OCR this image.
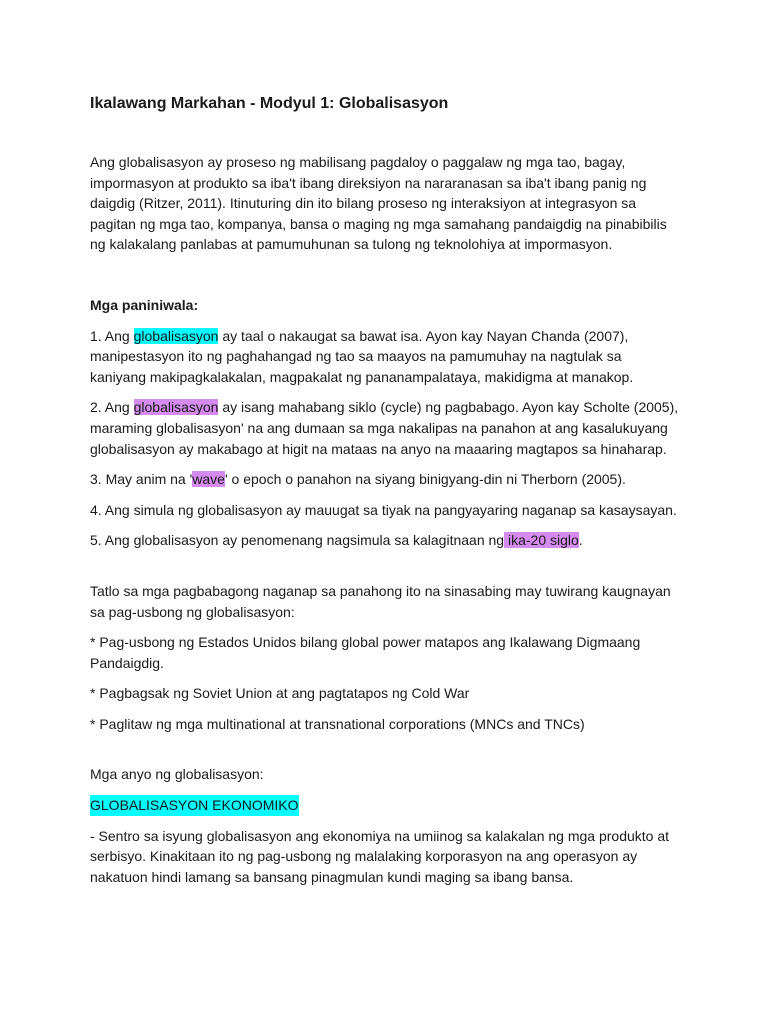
Ikalawang Markahan - Modyul 1: Globalisasyon

Ang globalisasyon ay proseso ng mabilisang pagdaloy o paggalaw ng mga tao, bagay, impormasyon at produkto sa iba't ibang direksiyon na nararanasan sa iba't ibang panig ng daigdig (Ritzer, 2011). Itinuturing din ito bilang proseso ng interaksiyon at integrasyon sa pagitan ng mga tao, kompanya, bansa o maging ng mga samahang pandaigdig na pinabibilis ng kalakalang panlabas at pamumuhunan sa tulong ng teknolohiya at impormasyon.

Mga paniniwala:

1. Ang globalisasyon ay taal o nakaugat sa bawat isa. Ayon kay Nayan Chanda (2007), manipestasyon ito ng paghahangad ng tao sa maayos na pamumuhay na nagtulak sa kaniyang makipagkalakalan, magpakalat ng pananampalataya, makidigma at manakop.

2. Ang globalisasyon ay isang mahabang siklo (cycle) ng pagbabago. Ayon kay Scholte (2005), maraming globalisasyon' na ang dumaan sa mga nakalipas na panahon at ang kasalukuyang globalisasyon ay makabago at higit na mataas na anyo na maaaring magtapos sa hinaharap.

3. May anim na 'wave' o epoch o panahon na siyang binigyang-din ni Therborn (2005).

4. Ang simula ng globalisasyon ay mauugat sa tiyak na pangyayaring naganap sa kasaysayan.

5. Ang globalisasyon ay penomenang nagsimula sa kalagitnaan ng ika-20 siglo.

Tatlo sa mga pagbabagong naganap sa panahong ito na sinasabing may tuwirang kaugnayan sa pag-usbong ng globalisasyon:

* Pag-usbong ng Estados Unidos bilang global power matapos ang Ikalawang Digmaang Pandaigdig.

* Pagbagsak ng Soviet Union at ang pagtatapos ng Cold War

* Paglitaw ng mga multinational at transnational corporations (MNCs and TNCs)

Mga anyo ng globalisasyon:

GLOBALISASYON EKONOMIKO

- Sentro sa isyung globalisasyon ang ekonomiya na umiinog sa kalakalan ng mga produkto at serbisyo. Kinakitaan ito ng pag-usbong ng malalaking korporasyon na ang operasyon ay nakatuon hindi lamang sa bansang pinagmulan kundi maging sa ibang bansa.
